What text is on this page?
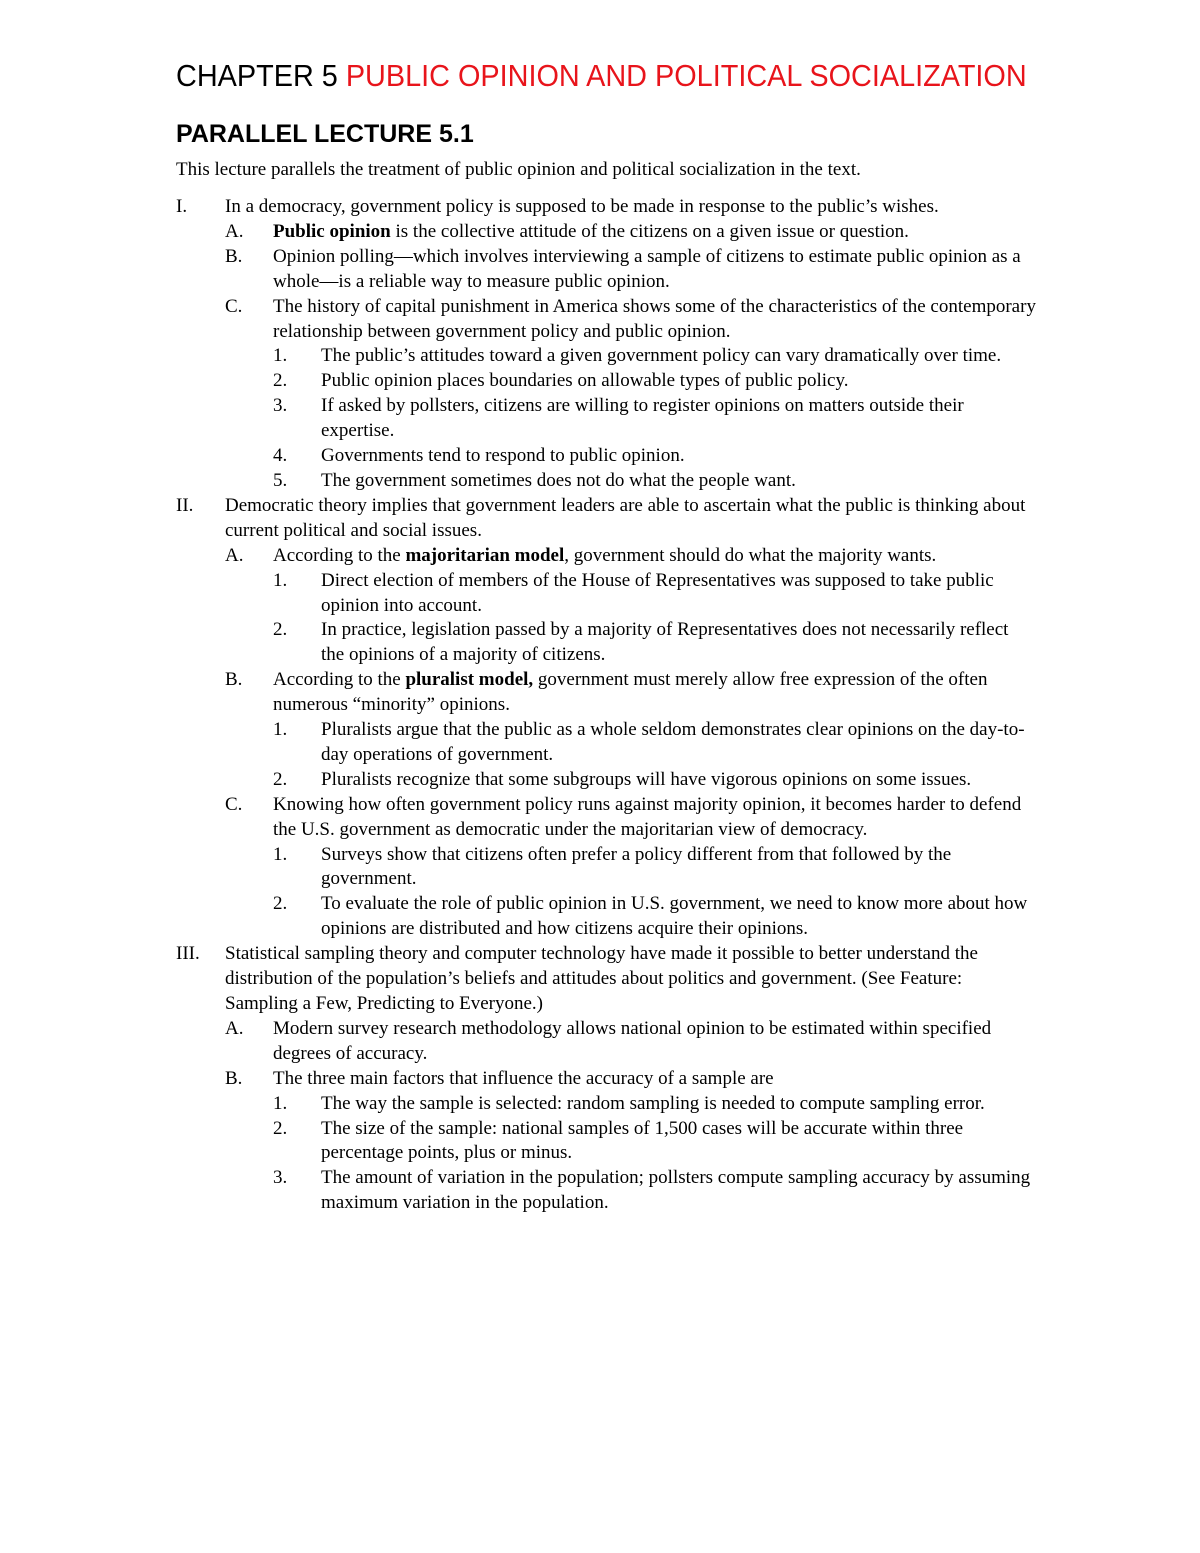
CHAPTER 5 PUBLIC OPINION AND POLITICAL SOCIALIZATION
PARALLEL LECTURE 5.1

This lecture parallels the treatment of public opinion and political socialization in the text.

I. In a democracy, government policy is supposed to be made in response to the public’s wishes.
A. Public opinion is the collective attitude of the citizens on a given issue or question.
B. Opinion polling—which involves interviewing a sample of citizens to estimate public opinion as a whole—is a reliable way to measure public opinion.
C. The history of capital punishment in America shows some of the characteristics of the contemporary relationship between government policy and public opinion.
1. The public’s attitudes toward a given government policy can vary dramatically over time.
2. Public opinion places boundaries on allowable types of public policy.
3. If asked by pollsters, citizens are willing to register opinions on matters outside their expertise.
4. Governments tend to respond to public opinion.
5. The government sometimes does not do what the people want.
II. Democratic theory implies that government leaders are able to ascertain what the public is thinking about current political and social issues.
A. According to the majoritarian model, government should do what the majority wants.
1. Direct election of members of the House of Representatives was supposed to take public opinion into account.
2. In practice, legislation passed by a majority of Representatives does not necessarily reflect the opinions of a majority of citizens.
B. According to the pluralist model, government must merely allow free expression of the often numerous “minority” opinions.
1. Pluralists argue that the public as a whole seldom demonstrates clear opinions on the day-to-day operations of government.
2. Pluralists recognize that some subgroups will have vigorous opinions on some issues.
C. Knowing how often government policy runs against majority opinion, it becomes harder to defend the U.S. government as democratic under the majoritarian view of democracy.
1. Surveys show that citizens often prefer a policy different from that followed by the government.
2. To evaluate the role of public opinion in U.S. government, we need to know more about how opinions are distributed and how citizens acquire their opinions.
III. Statistical sampling theory and computer technology have made it possible to better understand the distribution of the population’s beliefs and attitudes about politics and government. (See Feature: Sampling a Few, Predicting to Everyone.)
A. Modern survey research methodology allows national opinion to be estimated within specified degrees of accuracy.
B. The three main factors that influence the accuracy of a sample are
1. The way the sample is selected: random sampling is needed to compute sampling error.
2. The size of the sample: national samples of 1,500 cases will be accurate within three percentage points, plus or minus.
3. The amount of variation in the population; pollsters compute sampling accuracy by assuming maximum variation in the population.
